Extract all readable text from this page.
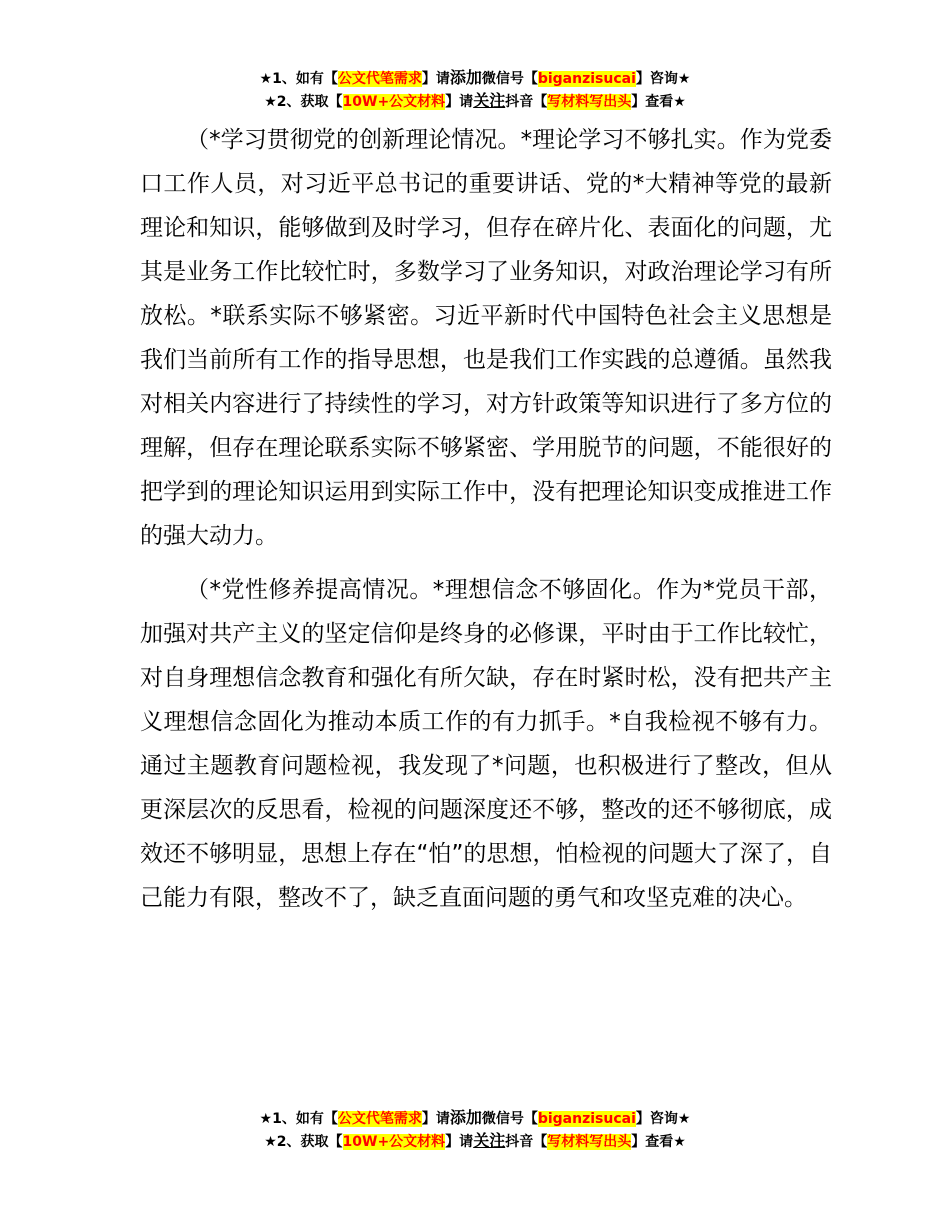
★1、如有【公文代笔需求】请添加微信号【biganzisucai】咨询★
★2、获取【10W+公文材料】请关注抖音【写材料写出头】查看★

（*学习贯彻党的创新理论情况。*理论学习不够扎实。作为党委口工作人员，对习近平总书记的重要讲话、党的*大精神等党的最新理论和知识，能够做到及时学习，但存在碎片化、表面化的问题，尤其是业务工作比较忙时，多数学习了业务知识，对政治理论学习有所放松。*联系实际不够紧密。习近平新时代中国特色社会主义思想是我们当前所有工作的指导思想，也是我们工作实践的总遵循。虽然我对相关内容进行了持续性的学习，对方针政策等知识进行了多方位的理解，但存在理论联系实际不够紧密、学用脱节的问题，不能很好的把学到的理论知识运用到实际工作中，没有把理论知识变成推进工作的强大动力。

（*党性修养提高情况。*理想信念不够固化。作为*党员干部，加强对共产主义的坚定信仰是终身的必修课，平时由于工作比较忙，对自身理想信念教育和强化有所欠缺，存在时紧时松，没有把共产主义理想信念固化为推动本质工作的有力抓手。*自我检视不够有力。通过主题教育问题检视，我发现了*问题，也积极进行了整改，但从更深层次的反思看，检视的问题深度还不够，整改的还不够彻底，成效还不够明显，思想上存在“怕”的思想，怕检视的问题大了深了，自己能力有限，整改不了，缺乏直面问题的勇气和攻坚克难的决心。

★1、如有【公文代笔需求】请添加微信号【biganzisucai】咨询★
★2、获取【10W+公文材料】请关注抖音【写材料写出头】查看★
